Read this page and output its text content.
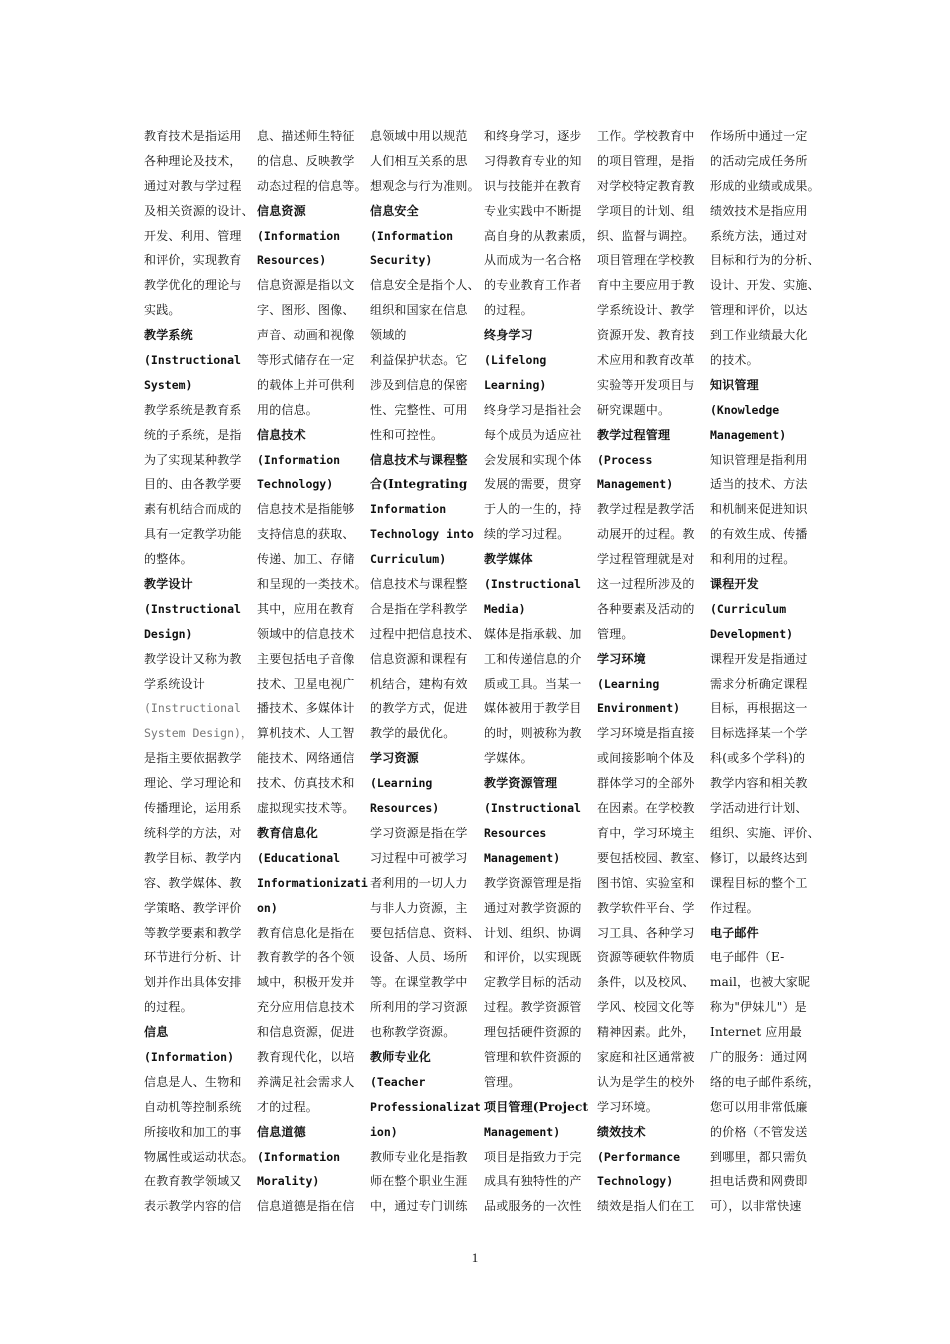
教育技术是指运用
各种理论及技术，
通过对教与学过程
及相关资源的设计、
开发、利用、管理
和评价，实现教育
教学优化的理论与
实践。
教学系统
(Instructional
System)
教学系统是教育系
统的子系统，是指
为了实现某种教学
目的、由各教学要
素有机结合而成的
具有一定教学功能
的整体。
教学设计
(Instructional
Design)
教学设计又称为教
学系统设计
(Instructional
System Design)，
是指主要依据教学
理论、学习理论和
传播理论，运用系
统科学的方法，对
教学目标、教学内
容、教学媒体、教
学策略、教学评价
等教学要素和教学
环节进行分析、计
划并作出具体安排
的过程。
信息
(Information)
信息是人、生物和
自动机等控制系统
所接收和加工的事
物属性或运动状态。
在教育教学领域又
表示教学内容的信
息、描述师生特征
的信息、反映教学
动态过程的信息等。
信息资源
(Information
Resources)
信息资源是指以文
字、图形、图像、
声音、动画和视像
等形式储存在一定
的载体上并可供利
用的信息。
信息技术
(Information
Technology)
信息技术是指能够
支持信息的获取、
传递、加工、存储
和呈现的一类技术。
其中，应用在教育
领域中的信息技术
主要包括电子音像
技术、卫星电视广
播技术、多媒体计
算机技术、人工智
能技术、网络通信
技术、仿真技术和
虚拟现实技术等。
教育信息化
(Educational
Informationizati
on)
教育信息化是指在
教育教学的各个领
域中，积极开发并
充分应用信息技术
和信息资源，促进
教育现代化，以培
养满足社会需求人
才的过程。
信息道德
(Information
Morality)
信息道德是指在信
息领域中用以规范
人们相互关系的思
想观念与行为准则。
信息安全
(Information
Security)
信息安全是指个人、
组织和国家在信息
领域的
利益保护状态。它
涉及到信息的保密
性、完整性、可用
性和可控性。
信息技术与课程整
合(Integrating
Information
Technology into
Curriculum)
信息技术与课程整
合是指在学科教学
过程中把信息技术、
信息资源和课程有
机结合，建构有效
的教学方式，促进
教学的最优化。
学习资源
(Learning
Resources)
学习资源是指在学
习过程中可被学习
者利用的一切人力
与非人力资源，主
要包括信息、资料、
设备、人员、场所
等。在课堂教学中
所利用的学习资源
也称教学资源。
教师专业化
(Teacher
Professionalizat
ion)
教师专业化是指教
师在整个职业生涯
中，通过专门训练
和终身学习，逐步
习得教育专业的知
识与技能并在教育
专业实践中不断提
高自身的从教素质，
从而成为一名合格
的专业教育工作者
的过程。
终身学习
(Lifelong
Learning)
终身学习是指社会
每个成员为适应社
会发展和实现个体
发展的需要，贯穿
于人的一生的，持
续的学习过程。
教学媒体
(Instructional
Media)
媒体是指承载、加
工和传递信息的介
质或工具。当某一
媒体被用于教学目
的时，则被称为教
学媒体。
教学资源管理
(Instructional
Resources
Management)
教学资源管理是指
通过对教学资源的
计划、组织、协调
和评价，以实现既
定教学目标的活动
过程。教学资源管
理包括硬件资源的
管理和软件资源的
管理。
项目管理(Project
Management)
项目是指致力于完
成具有独特性的产
品或服务的一次性
工作。学校教育中
的项目管理，是指
对学校特定教育教
学项目的计划、组
织、监督与调控。
项目管理在学校教
育中主要应用于教
学系统设计、教学
资源开发、教育技
术应用和教育改革
实验等开发项目与
研究课题中。
教学过程管理
(Process
Management)
教学过程是教学活
动展开的过程。教
学过程管理就是对
这一过程所涉及的
各种要素及活动的
管理。
学习环境
(Learning
Environment)
学习环境是指直接
或间接影响个体及
群体学习的全部外
在因素。在学校教
育中，学习环境主
要包括校园、教室、
图书馆、实验室和
教学软件平台、学
习工具、各种学习
资源等硬软件物质
条件，以及校风、
学风、校园文化等
精神因素。此外，
家庭和社区通常被
认为是学生的校外
学习环境。
绩效技术
(Performance
Technology)
绩效是指人们在工
作场所中通过一定
的活动完成任务所
形成的业绩或成果。
绩效技术是指应用
系统方法，通过对
目标和行为的分析、
设计、开发、实施、
管理和评价，以达
到工作业绩最大化
的技术。
知识管理
(Knowledge
Management)
知识管理是指利用
适当的技术、方法
和机制来促进知识
的有效生成、传播
和利用的过程。
课程开发
(Curriculum
Development)
课程开发是指通过
需求分析确定课程
目标，再根据这一
目标选择某一个学
科(或多个学科)的
教学内容和相关教
学活动进行计划、
组织、实施、评价、
修订，以最终达到
课程目标的整个工
作过程。
电子邮件
电子邮件（E-
mail，也被大家昵
称为"伊妹儿"）是
Internet 应用最
广的服务：通过网
络的电子邮件系统，
您可以用非常低廉
的价格（不管发送
到哪里，都只需负
担电话费和网费即
可），以非常快速
1
